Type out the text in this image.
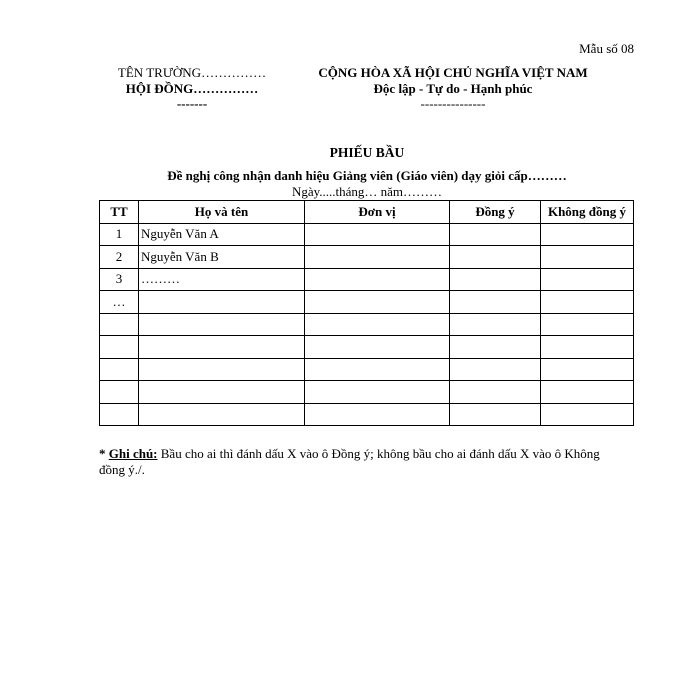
Mẫu số 08
TÊN TRƯỜNG……………
HỘI ĐỒNG……………
-------
CỘNG HÒA XÃ HỘI CHỦ NGHĨA VIỆT NAM
Độc lập - Tự do - Hạnh phúc
---------------
PHIẾU BẦU
Đề nghị công nhận danh hiệu Giảng viên (Giáo viên) dạy giỏi cấp………
Ngày.....tháng… năm………
TT	Họ và tên	Đơn vị	Đồng ý	Không đồng ý
1	Nguyễn Văn A			
2	Nguyễn Văn B			
3	………			
…				

* Ghi chú: Bầu cho ai thì đánh dấu X vào ô Đồng ý; không bầu cho ai đánh dấu X vào ô Không đồng ý./.
